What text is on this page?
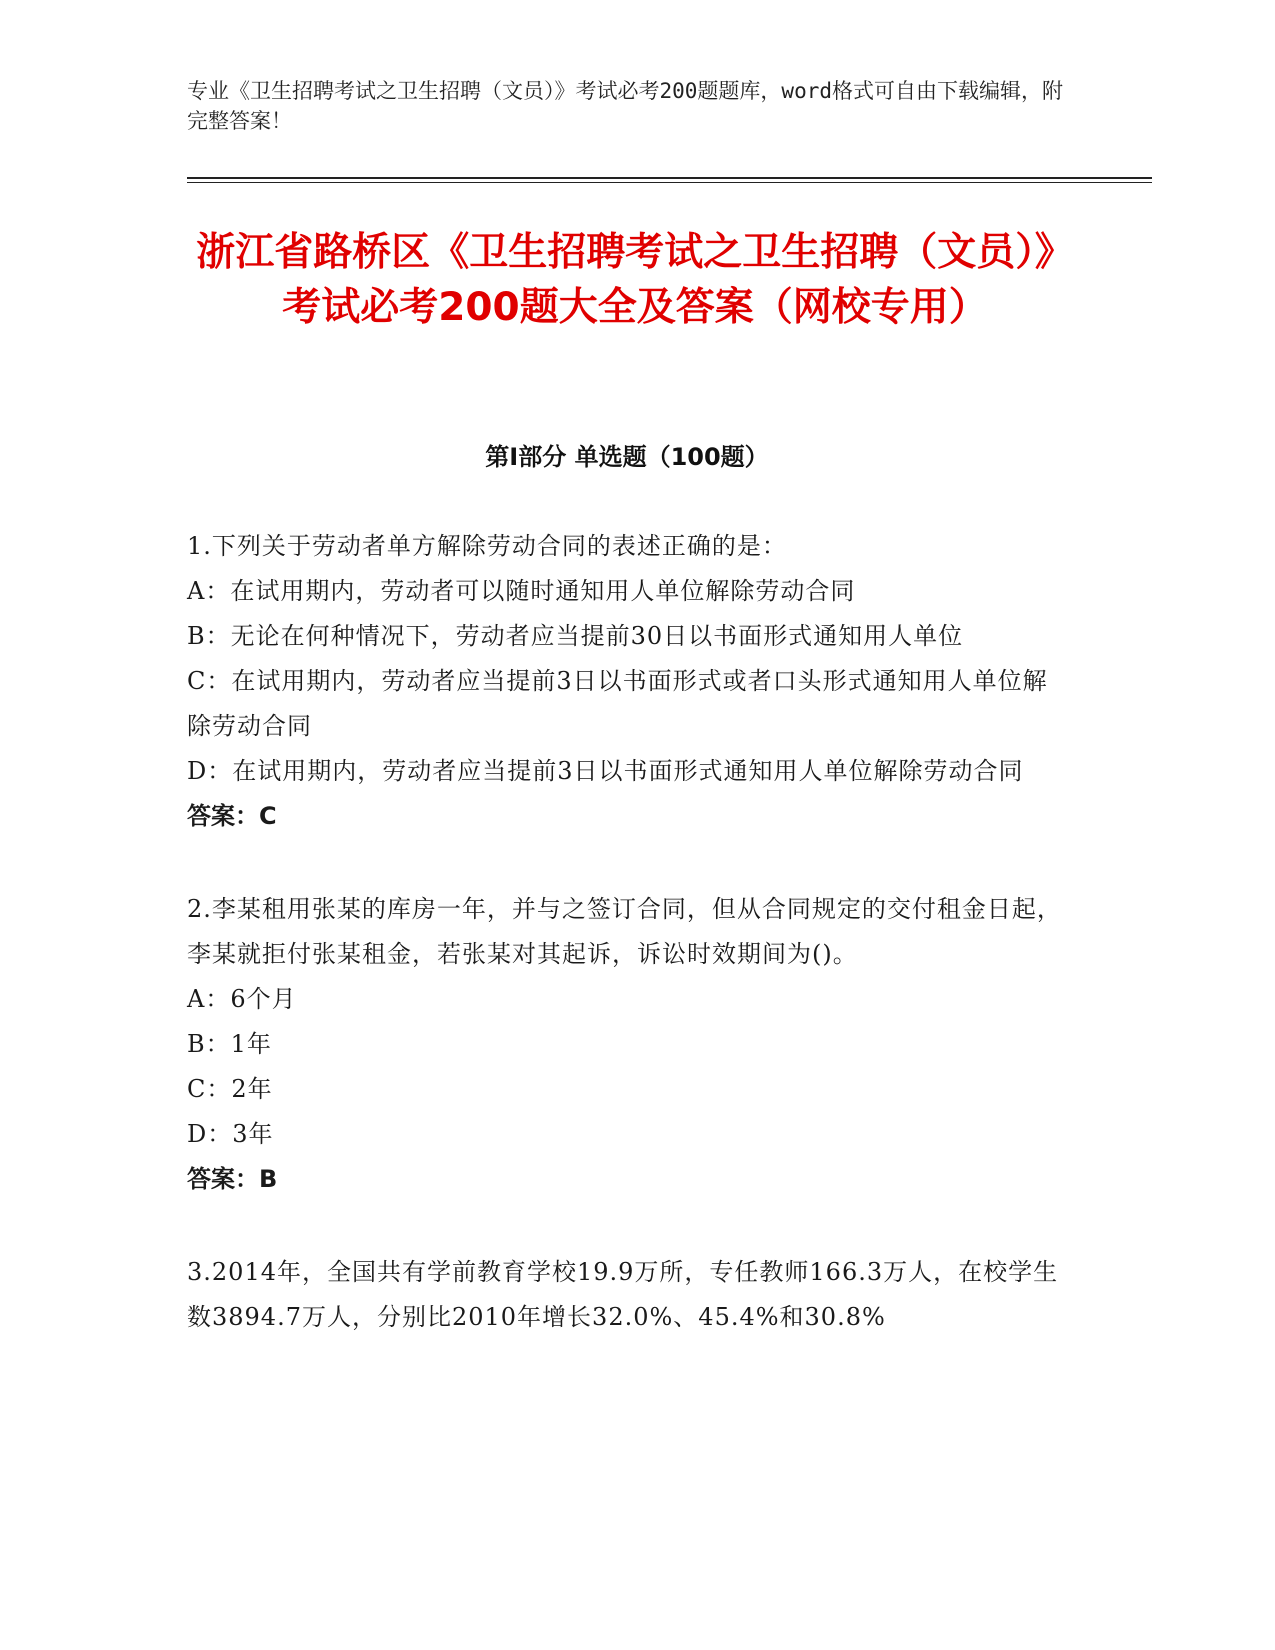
专业《卫生招聘考试之卫生招聘（文员）》考试必考200题题库，word格式可自由下载编辑，附完整答案！
浙江省路桥区《卫生招聘考试之卫生招聘（文员）》考试必考200题大全及答案（网校专用）
第Ⅰ部分 单选题（100题）

1.下列关于劳动者单方解除劳动合同的表述正确的是：

A：在试用期内，劳动者可以随时通知用人单位解除劳动合同

B：无论在何种情况下，劳动者应当提前30日以书面形式通知用人单位

C：在试用期内，劳动者应当提前3日以书面形式或者口头形式通知用人单位解除劳动合同

D：在试用期内，劳动者应当提前3日以书面形式通知用人单位解除劳动合同

答案：C

2.李某租用张某的库房一年，并与之签订合同，但从合同规定的交付租金日起，李某就拒付张某租金，若张某对其起诉，诉讼时效期间为()。

A：6个月

B：1年

C：2年

D：3年

答案：B

3.2014年，全国共有学前教育学校19.9万所，专任教师166.3万人，在校学生数3894.7万人，分别比2010年增长32.0%、45.4%和30.8%
